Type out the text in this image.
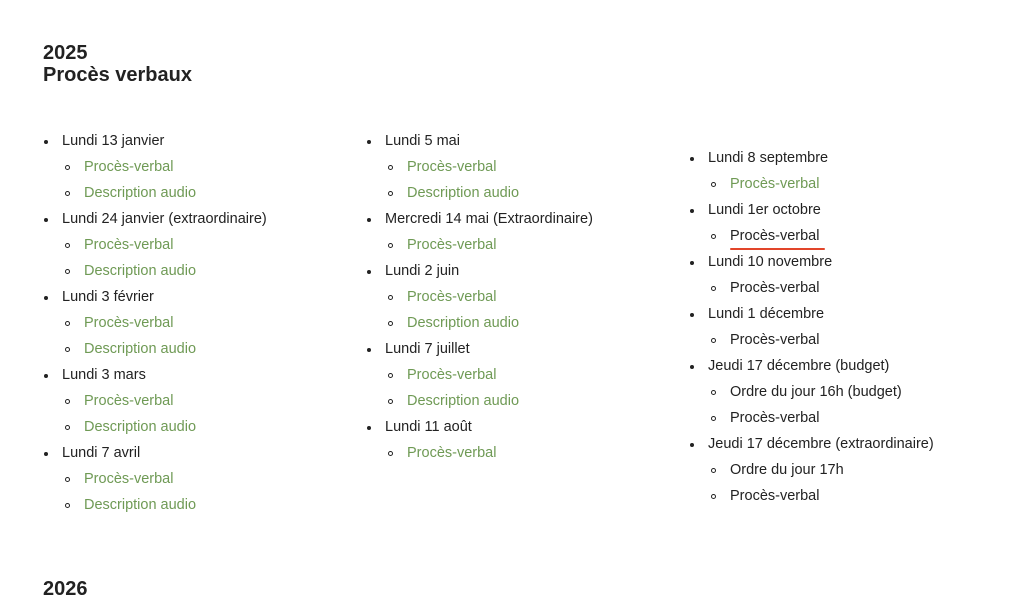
2025
Procès verbaux
Lundi 13 janvier
Procès-verbal
Description audio
Lundi 24 janvier (extraordinaire)
Procès-verbal
Description audio
Lundi 3 février
Procès-verbal
Description audio
Lundi 3 mars
Procès-verbal
Description audio
Lundi 7 avril
Procès-verbal
Description audio
Lundi 5 mai
Procès-verbal
Description audio
Mercredi 14 mai (Extraordinaire)
Procès-verbal
Lundi 2 juin
Procès-verbal
Description audio
Lundi 7 juillet
Procès-verbal
Description audio
Lundi 11 août
Procès-verbal
Lundi 8 septembre
Procès-verbal
Lundi 1er octobre
Procès-verbal
Lundi 10 novembre
Procès-verbal
Lundi 1 décembre
Procès-verbal
Jeudi 17 décembre (budget)
Ordre du jour 16h (budget)
Procès-verbal
Jeudi 17 décembre (extraordinaire)
Ordre du jour 17h
Procès-verbal
2026
